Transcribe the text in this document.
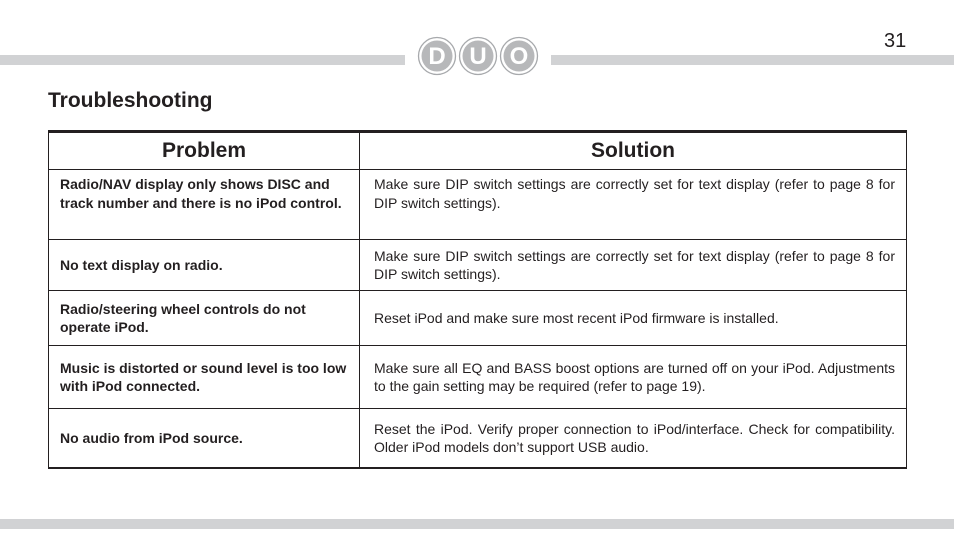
D U O
31
Troubleshooting
Problem	Solution
Radio/NAV display only shows DISC and track number and there is no iPod control.	Make sure DIP switch settings are correctly set for text display (refer to page 8 for DIP switch settings).
No text display on radio.	Make sure DIP switch settings are correctly set for text display (refer to page 8 for DIP switch settings).
Radio/steering wheel controls do not operate iPod.	Reset iPod and make sure most recent iPod firmware is installed.
Music is distorted or sound level is too low with iPod connected.	Make sure all EQ and BASS boost options are turned off on your iPod. Adjustments to the gain setting may be required (refer to page 19).
No audio from iPod source.	Reset the iPod. Verify proper connection to iPod/interface. Check for compatibility. Older iPod models don’t support USB audio.
